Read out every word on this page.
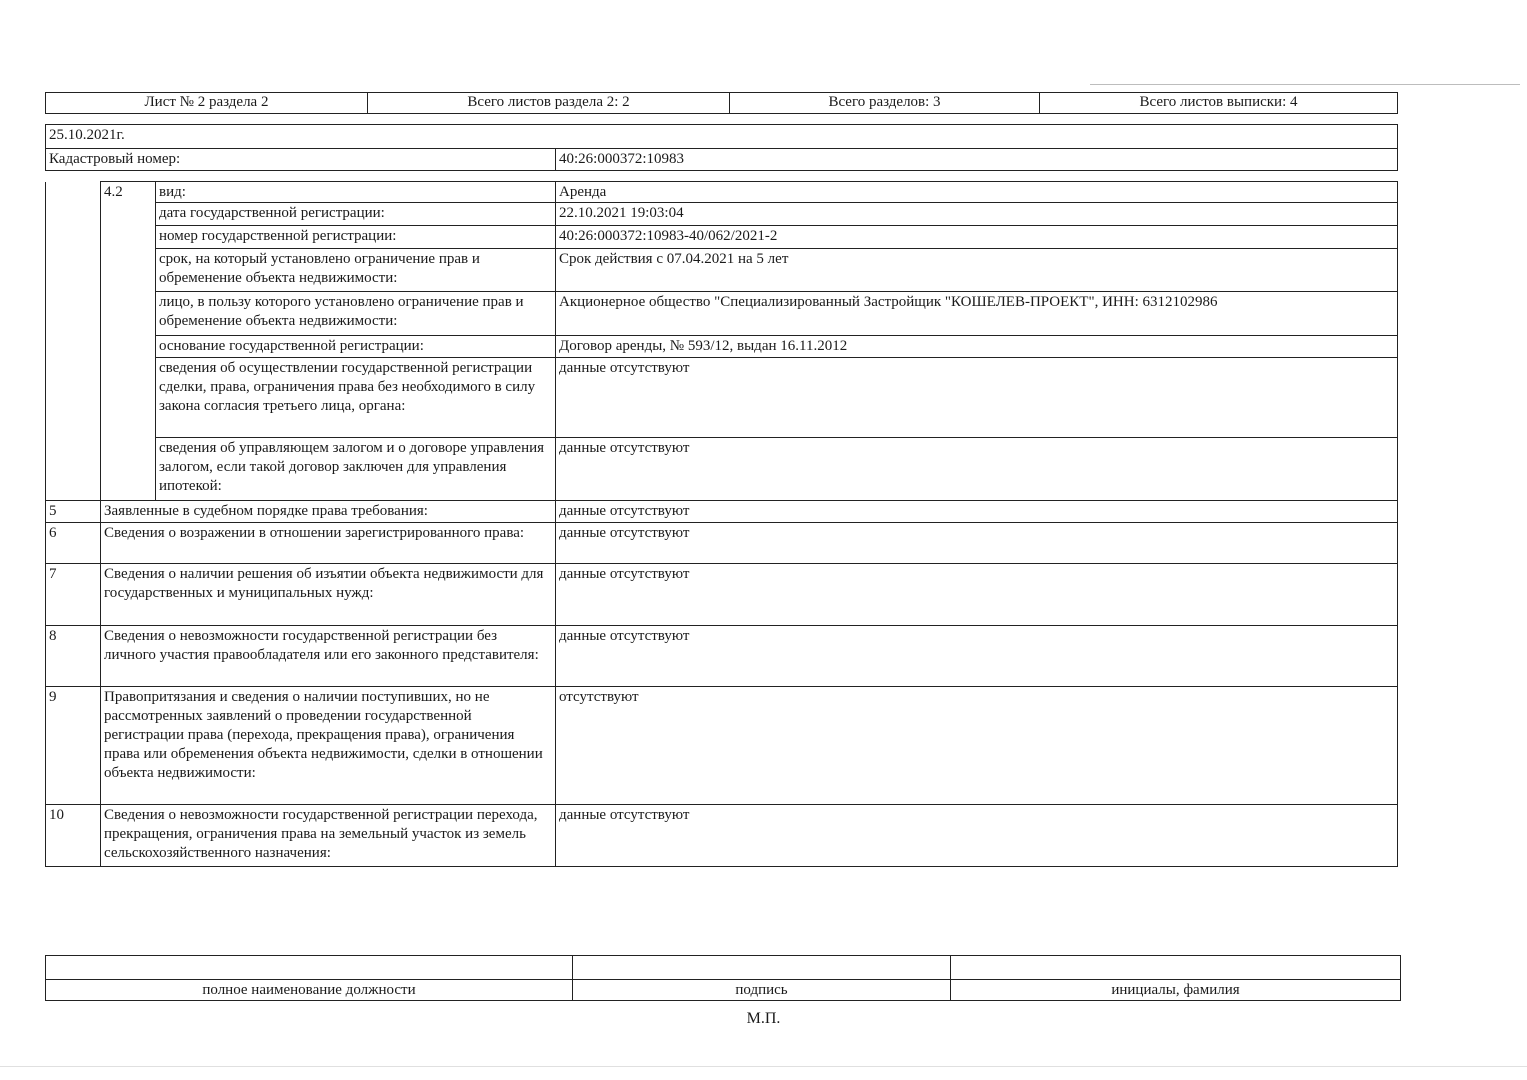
Лист № 2 раздела 2	Всего листов раздела 2: 2	Всего разделов: 3	Всего листов выписки: 4
25.10.2021г.
Кадастровый номер:	40:26:000372:10983
	4.2	вид:	Аренда
		дата государственной регистрации:	22.10.2021 19:03:04
		номер государственной регистрации:	40:26:000372:10983-40/062/2021-2
		срок, на который установлено ограничение прав и обременение объекта недвижимости:	Срок действия с 07.04.2021 на 5 лет
		лицо, в пользу которого установлено ограничение прав и обременение объекта недвижимости:	Акционерное общество "Специализированный Застройщик "КОШЕЛЕВ-ПРОЕКТ", ИНН: 6312102986
		основание государственной регистрации:	Договор аренды, № 593/12, выдан 16.11.2012
		сведения об осуществлении государственной регистрации сделки, права, ограничения права без необходимого в силу закона согласия третьего лица, органа:	данные отсутствуют
		сведения об управляющем залогом и о договоре управления залогом, если такой договор заключен для управления ипотекой:	данные отсутствуют
5	Заявленные в судебном порядке права требования:		данные отсутствуют
6	Сведения о возражении в отношении зарегистрированного права:		данные отсутствуют
7	Сведения о наличии решения об изъятии объекта недвижимости для государственных и муниципальных нужд:		данные отсутствуют
8	Сведения о невозможности государственной регистрации без личного участия правообладателя или его законного представителя:		данные отсутствуют
9	Правопритязания и сведения о наличии поступивших, но не рассмотренных заявлений о проведении государственной регистрации права (перехода, прекращения права), ограничения права или обременения объекта недвижимости, сделки в отношении объекта недвижимости:		отсутствуют
10	Сведения о невозможности государственной регистрации перехода, прекращения, ограничения права на земельный участок из земель сельскохозяйственного назначения:		данные отсутствуют

полное наименование должности	подпись	инициалы, фамилия
М.П.
